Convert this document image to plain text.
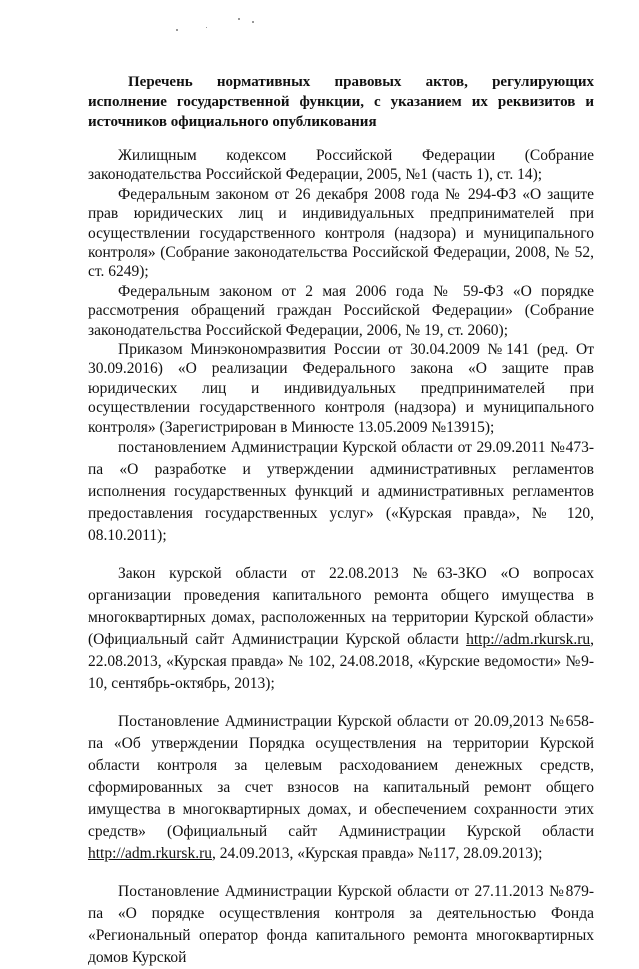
Перечень нормативных правовых актов, регулирующих исполнение государственной функции, с указанием их реквизитов и источников официального опубликования

Жилищным кодексом Российской Федерации (Собрание законодательства Российской Федерации, 2005, №1 (часть 1), ст. 14);

Федеральным законом от 26 декабря 2008 года № 294-ФЗ «О защите прав юридических лиц и индивидуальных предпринимателей при осуществлении государственного контроля (надзора) и муниципального контроля» (Собрание законодательства Российской Федерации, 2008, № 52, ст. 6249);

Федеральным законом от 2 мая 2006 года № 59-ФЗ «О порядке рассмотрения обращений граждан Российской Федерации» (Собрание законодательства Российской Федерации, 2006, № 19, ст. 2060);

Приказом Минэкономразвития России от 30.04.2009 №141 (ред. От 30.09.2016) «О реализации Федерального закона «О защите прав юридических лиц и индивидуальных предпринимателей при осуществлении государственного контроля (надзора) и муниципального контроля» (Зарегистрирован в Минюсте 13.05.2009 №13915);

постановлением Администрации Курской области от 29.09.2011 №473-па «О разработке и утверждении административных регламентов исполнения государственных функций и административных регламентов предоставления государственных услуг» («Курская правда», № 120, 08.10.2011);

Закон курской области от 22.08.2013 №63-ЗКО «О вопросах организации проведения капитального ремонта общего имущества в многоквартирных домах, расположенных на территории Курской области» (Официальный сайт Администрации Курской области http://adm.rkursk.ru, 22.08.2013, «Курская правда» № 102, 24.08.2018, «Курские ведомости» №9-10, сентябрь-октябрь, 2013);

Постановление Администрации Курской области от 20.09,2013 №658-па «Об утверждении Порядка осуществления на территории Курской области контроля за целевым расходованием денежных средств, сформированных за счет взносов на капитальный ремонт общего имущества в многоквартирных домах, и обеспечением сохранности этих средств» (Официальный сайт Администрации Курской области http://adm.rkursk.ru, 24.09.2013, «Курская правда» №117, 28.09.2013);

Постановление Администрации Курской области от 27.11.2013 №879-па «О порядке осуществления контроля за деятельностью Фонда «Региональный оператор фонда капитального ремонта многоквартирных домов Курской
